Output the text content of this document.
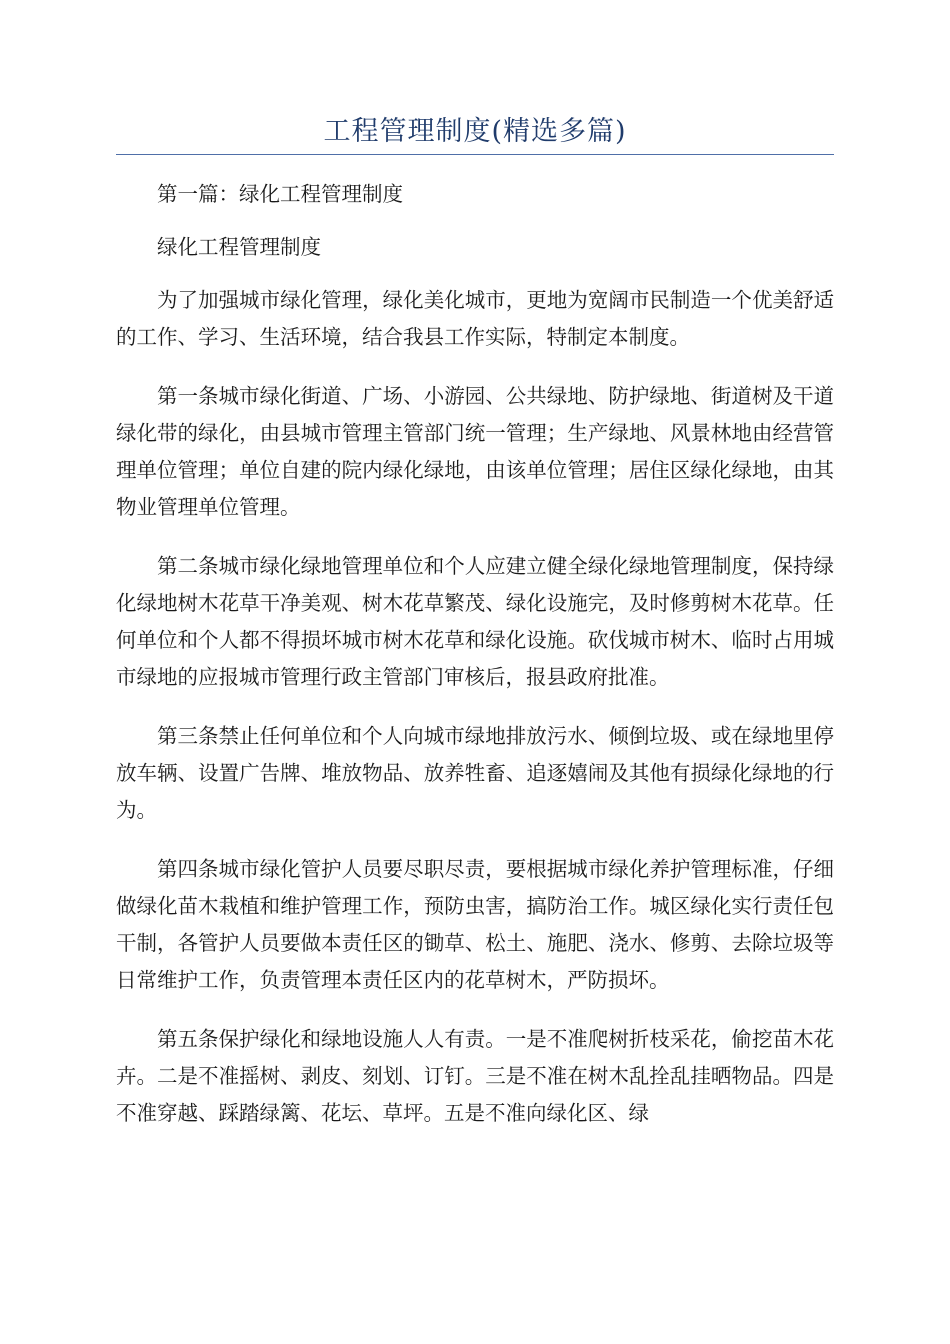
工程管理制度(精选多篇)

第一篇：绿化工程管理制度

绿化工程管理制度

为了加强城市绿化管理，绿化美化城市，更地为宽阔市民制造一个优美舒适的工作、学习、生活环境，结合我县工作实际，特制定本制度。

第一条城市绿化街道、广场、小游园、公共绿地、防护绿地、街道树及干道绿化带的绿化，由县城市管理主管部门统一管理；生产绿地、风景林地由经营管理单位管理；单位自建的院内绿化绿地，由该单位管理；居住区绿化绿地，由其物业管理单位管理。

第二条城市绿化绿地管理单位和个人应建立健全绿化绿地管理制度，保持绿化绿地树木花草干净美观、树木花草繁茂、绿化设施完，及时修剪树木花草。任何单位和个人都不得损坏城市树木花草和绿化设施。砍伐城市树木、临时占用城市绿地的应报城市管理行政主管部门审核后，报县政府批准。

第三条禁止任何单位和个人向城市绿地排放污水、倾倒垃圾、或在绿地里停放车辆、设置广告牌、堆放物品、放养牲畜、追逐嬉闹及其他有损绿化绿地的行为。

第四条城市绿化管护人员要尽职尽责，要根据城市绿化养护管理标准，仔细做绿化苗木栽植和维护管理工作，预防虫害，搞防治工作。城区绿化实行责任包干制，各管护人员要做本责任区的锄草、松土、施肥、浇水、修剪、去除垃圾等日常维护工作，负责管理本责任区内的花草树木，严防损坏。

第五条保护绿化和绿地设施人人有责。一是不准爬树折枝采花，偷挖苗木花卉。二是不准摇树、剥皮、刻划、订钉。三是不准在树木乱拴乱挂晒物品。四是不准穿越、踩踏绿篱、花坛、草坪。五是不准向绿化区、绿
